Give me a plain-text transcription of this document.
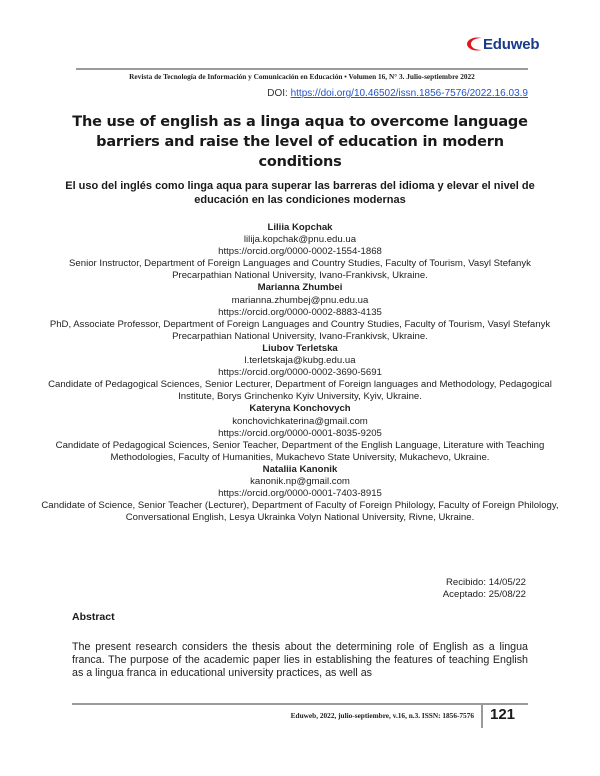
Eduweb
Revista de Tecnología de Información y Comunicación en Educación • Volumen 16, N° 3. Julio-septiembre 2022
DOI: https://doi.org/10.46502/issn.1856-7576/2022.16.03.9
The use of english as a linga aqua to overcome language barriers and raise the level of education in modern conditions
El uso del inglés como linga aqua para superar las barreras del idioma y elevar el nivel de educación en las condiciones modernas
Liliia Kopchak
lilija.kopchak@pnu.edu.ua
https://orcid.org/0000-0002-1554-1868
Senior Instructor, Department of Foreign Languages and Country Studies, Faculty of Tourism, Vasyl Stefanyk Precarpathian National University, Ivano-Frankivsk, Ukraine.
Marianna Zhumbei
marianna.zhumbej@pnu.edu.ua
https://orcid.org/0000-0002-8883-4135
PhD, Associate Professor, Department of Foreign Languages and Country Studies, Faculty of Tourism, Vasyl Stefanyk Precarpathian National University, Ivano-Frankivsk, Ukraine.
Liubov Terletska
l.terletskaja@kubg.edu.ua
https://orcid.org/0000-0002-3690-5691
Candidate of Pedagogical Sciences, Senior Lecturer, Department of Foreign languages and Methodology, Pedagogical Institute, Borys Grinchenko Kyiv University, Kyiv, Ukraine.
Kateryna Konchovych
konchovichkaterina@gmail.com
https://orcid.org/0000-0001-8035-9205
Candidate of Pedagogical Sciences, Senior Teacher, Department of the English Language, Literature with Teaching Methodologies, Faculty of Humanities, Mukachevo State University, Mukachevo, Ukraine.
Nataliia Kanonik
kanonik.np@gmail.com
https://orcid.org/0000-0001-7403-8915
Candidate of Science, Senior Teacher (Lecturer), Department of Faculty of Foreign Philology, Faculty of Foreign Philology, Conversational English, Lesya Ukrainka Volyn National University, Rivne, Ukraine.
Recibido: 14/05/22
Aceptado: 25/08/22
Abstract
The present research considers the thesis about the determining role of English as a lingua franca. The purpose of the academic paper lies in establishing the features of teaching English as a lingua franca in educational university practices, as well as
Eduweb, 2022, julio-septiembre, v.16, n.3. ISSN: 1856-7576 121
